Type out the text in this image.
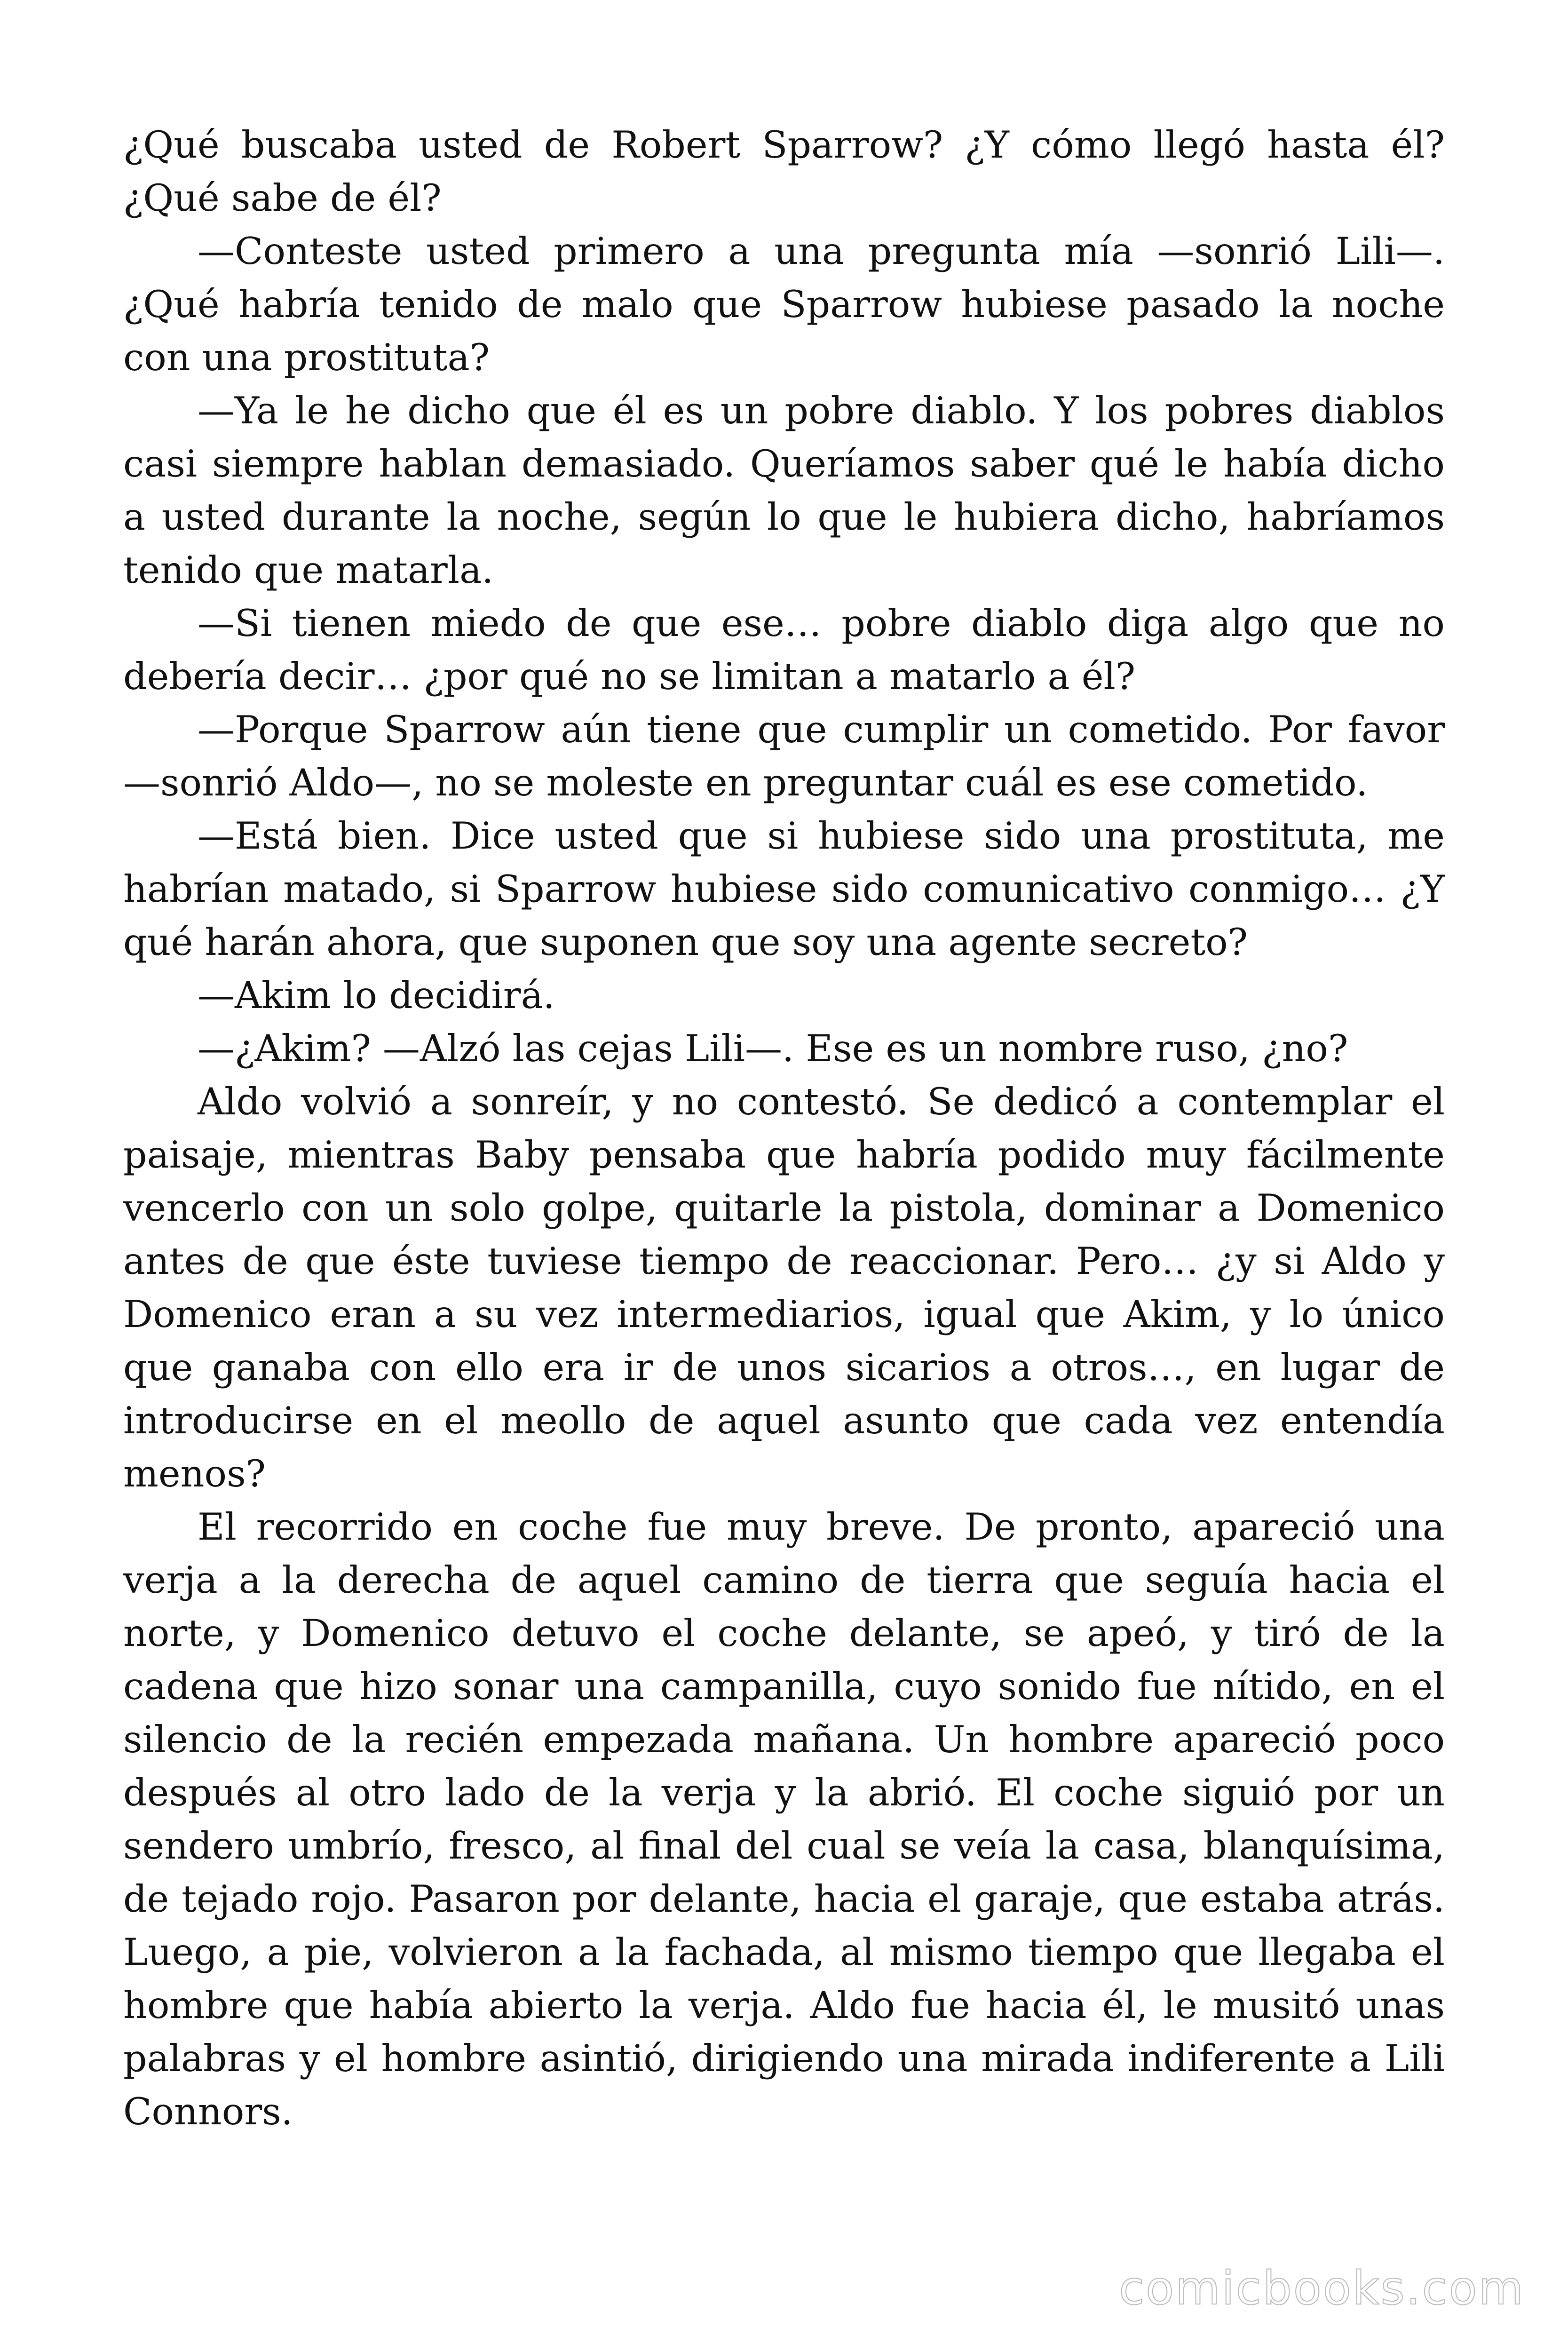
¿Qué buscaba usted de Robert Sparrow? ¿Y cómo llegó hasta él? ¿Qué sabe de él?

—Conteste usted primero a una pregunta mía —sonrió Lili—. ¿Qué habría tenido de malo que Sparrow hubiese pasado la noche con una prostituta?

—Ya le he dicho que él es un pobre diablo. Y los pobres diablos casi siempre hablan demasiado. Queríamos saber qué le había dicho a usted durante la noche, según lo que le hubiera dicho, habríamos tenido que matarla.

—Si tienen miedo de que ese… pobre diablo diga algo que no debería decir… ¿por qué no se limitan a matarlo a él?

—Porque Sparrow aún tiene que cumplir un cometido. Por favor —sonrió Aldo—, no se moleste en preguntar cuál es ese cometido.

—Está bien. Dice usted que si hubiese sido una prostituta, me habrían matado, si Sparrow hubiese sido comunicativo conmigo… ¿Y qué harán ahora, que suponen que soy una agente secreto?

—Akim lo decidirá.

—¿Akim? —Alzó las cejas Lili—. Ese es un nombre ruso, ¿no?

Aldo volvió a sonreír, y no contestó. Se dedicó a contemplar el paisaje, mientras Baby pensaba que habría podido muy fácilmente vencerlo con un solo golpe, quitarle la pistola, dominar a Domenico antes de que éste tuviese tiempo de reaccionar. Pero… ¿y si Aldo y Domenico eran a su vez intermediarios, igual que Akim, y lo único que ganaba con ello era ir de unos sicarios a otros…, en lugar de introducirse en el meollo de aquel asunto que cada vez entendía menos?

El recorrido en coche fue muy breve. De pronto, apareció una verja a la derecha de aquel camino de tierra que seguía hacia el norte, y Domenico detuvo el coche delante, se apeó, y tiró de la cadena que hizo sonar una campanilla, cuyo sonido fue nítido, en el silencio de la recién empezada mañana. Un hombre apareció poco después al otro lado de la verja y la abrió. El coche siguió por un sendero umbrío, fresco, al final del cual se veía la casa, blanquísima, de tejado rojo. Pasaron por delante, hacia el garaje, que estaba atrás. Luego, a pie, volvieron a la fachada, al mismo tiempo que llegaba el hombre que había abierto la verja. Aldo fue hacia él, le musitó unas palabras y el hombre asintió, dirigiendo una mirada indiferente a Lili Connors.

comicbooks.com
